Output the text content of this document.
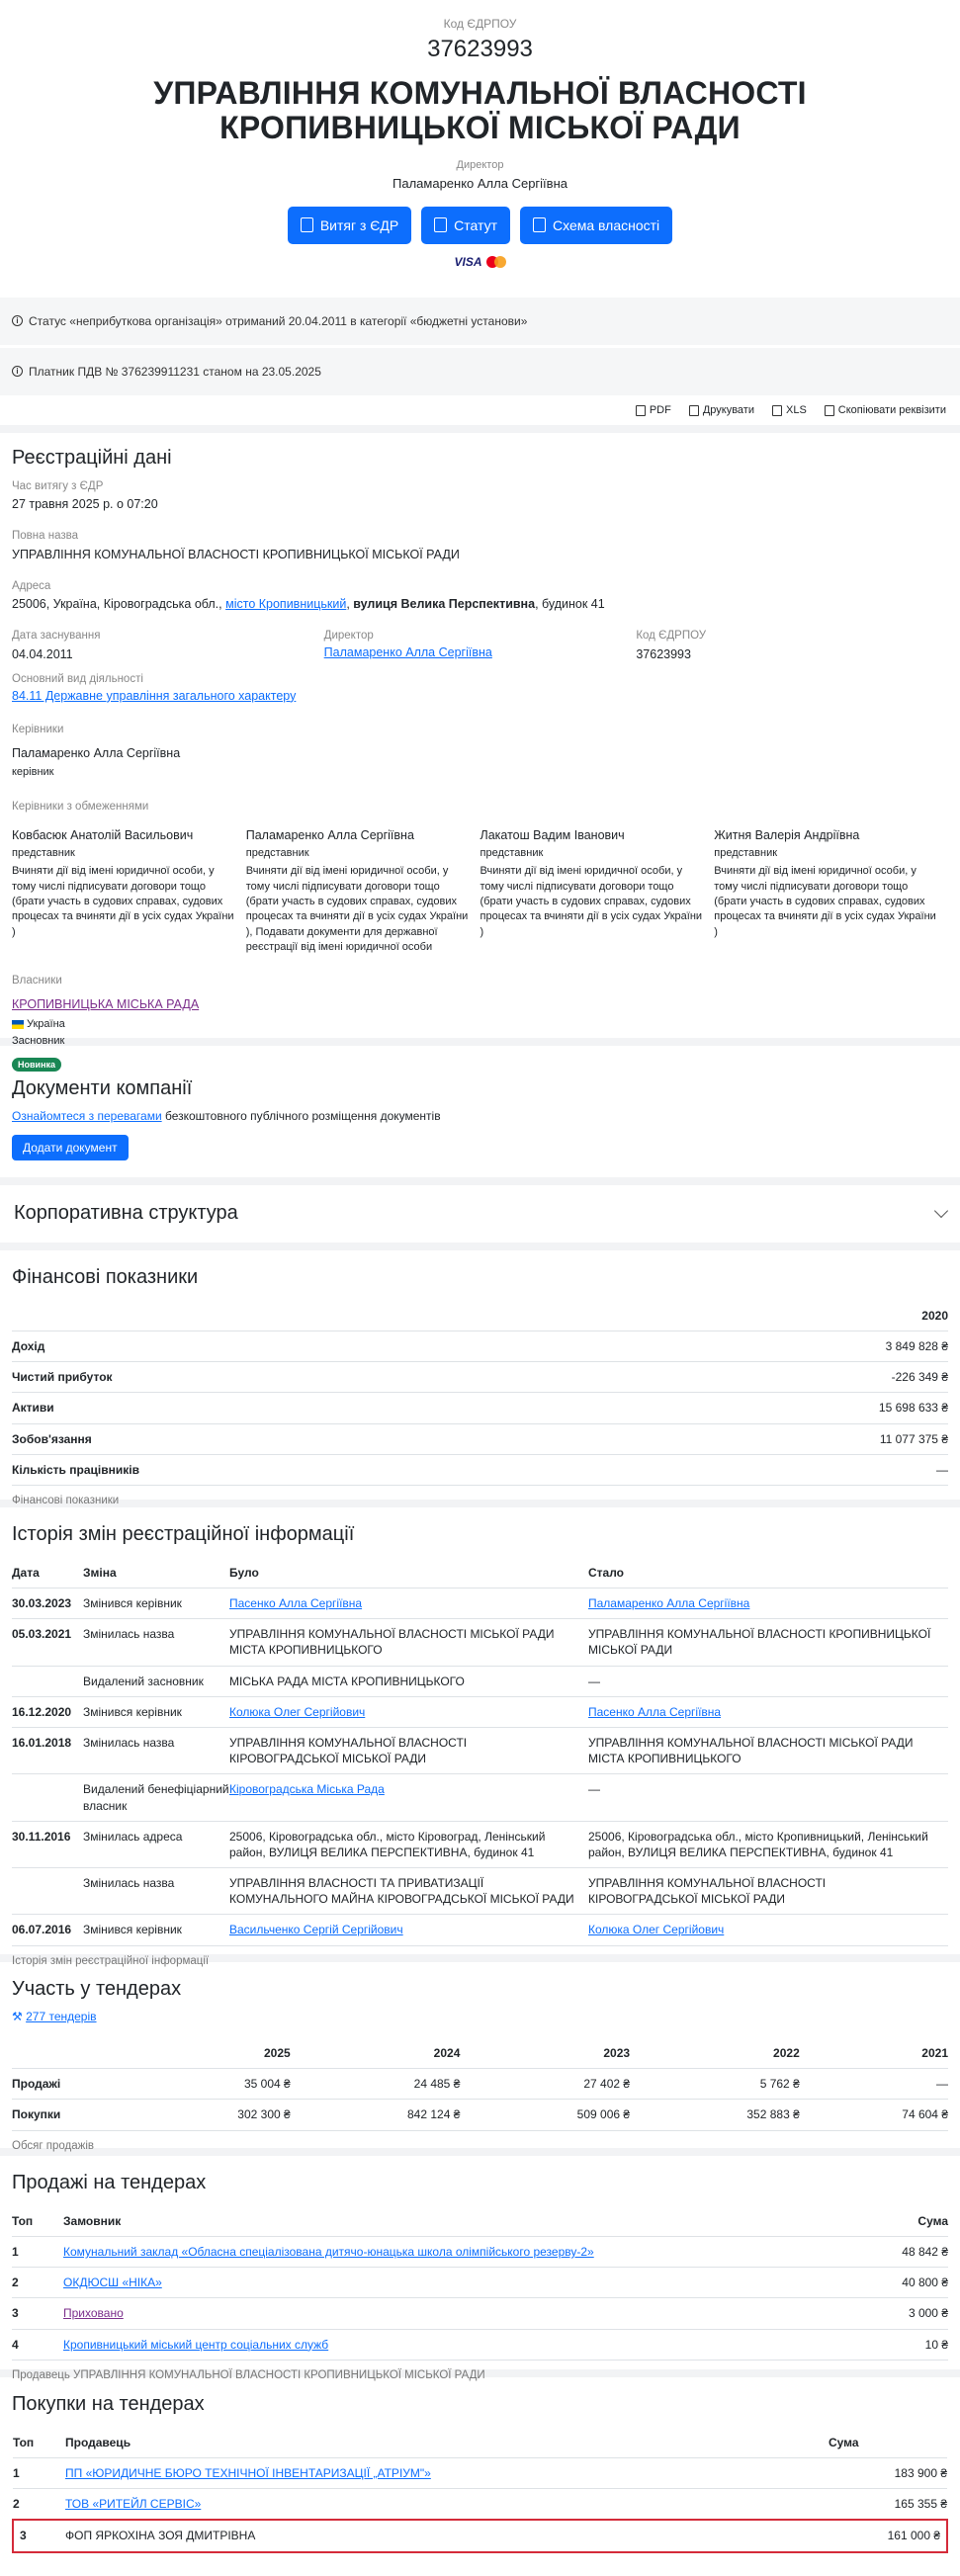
Код ЄДРПОУ
37623993
УПРАВЛІННЯ КОМУНАЛЬНОЇ ВЛАСНОСТІ КРОПИВНИЦЬКОЇ МІСЬКОЇ РАДИ
Директор
Паламаренко Алла Сергіївна
Витяг з ЄДР	Статут	Схема власності
VISA
i Статус «неприбуткова організація» отриманий 20.04.2011 в категорії «бюджетні установи»
i Платник ПДВ № 376239911231 станом на 23.05.2025
PDF	Друкувати	XLS	Скопіювати реквізити
Реєстраційні дані
Час витягу з ЄДР
27 травня 2025 р. о 07:20
Повна назва
УПРАВЛІННЯ КОМУНАЛЬНОЇ ВЛАСНОСТІ КРОПИВНИЦЬКОЇ МІСЬКОЇ РАДИ
Адреса
25006, Україна, Кіровоградська обл., місто Кропивницький, вулиця Велика Перспективна, будинок 41
Дата заснування
04.04.2011
Директор
Паламаренко Алла Сергіївна
Код ЄДРПОУ
37623993
Основний вид діяльності
84.11 Державне управління загального характеру
Керівники
Паламаренко Алла Сергіївна
керівник
Керівники з обмеженнями
Ковбасюк Анатолій Васильович
представник
Вчиняти дії від імені юридичної особи, у тому числі підписувати договори тощо (брати участь в судових справах, судових процесах та вчиняти дії в усіх судах України )
Паламаренко Алла Сергіївна
представник
Вчиняти дії від імені юридичної особи, у тому числі підписувати договори тощо (брати участь в судових справах, судових процесах та вчиняти дії в усіх судах України ), Подавати документи для державної реєстрації від імені юридичної особи
Лакатош Вадим Іванович
представник
Вчиняти дії від імені юридичної особи, у тому числі підписувати договори тощо (брати участь в судових справах, судових процесах та вчиняти дії в усіх судах України )
Житня Валерія Андріївна
представник
Вчиняти дії від імені юридичної особи, у тому числі підписувати договори тощо (брати участь в судових справах, судових процесах та вчиняти дії в усіх судах України )
Власники
КРОПИВНИЦЬКА МІСЬКА РАДА
Україна
Засновник
Новинка
Документи компанії
Ознайомтеся з перевагами безкоштовного публічного розміщення документів
Додати документ
Корпоративна структура
Фінансові показники
	2020
Дохід	3 849 828 ₴
Чистий прибуток	-226 349 ₴
Активи	15 698 633 ₴
Зобов'язання	11 077 375 ₴
Кількість працівників	—
Фінансові показники
Історія змін реєстраційної інформації
Дата	Зміна	Було	Стало
30.03.2023	Змінився керівник	Пасенко Алла Сергіївна	Паламаренко Алла Сергіївна
05.03.2021	Змінилась назва	УПРАВЛІННЯ КОМУНАЛЬНОЇ ВЛАСНОСТІ МІСЬКОЇ РАДИ МІСТА КРОПИВНИЦЬКОГО	УПРАВЛІННЯ КОМУНАЛЬНОЇ ВЛАСНОСТІ КРОПИВНИЦЬКОЇ МІСЬКОЇ РАДИ
	Видалений засновник	МІСЬКА РАДА МІСТА КРОПИВНИЦЬКОГО	—
16.12.2020	Змінився керівник	Колюка Олег Сергійович	Пасенко Алла Сергіївна
16.01.2018	Змінилась назва	УПРАВЛІННЯ КОМУНАЛЬНОЇ ВЛАСНОСТІ КІРОВОГРАДСЬКОЇ МІСЬКОЇ РАДИ	УПРАВЛІННЯ КОМУНАЛЬНОЇ ВЛАСНОСТІ МІСЬКОЇ РАДИ МІСТА КРОПИВНИЦЬКОГО
	Видалений бенефіціарний власник	Кіровоградська Міська Рада	—
30.11.2016	Змінилась адреса	25006, Кіровоградська обл., місто Кіровоград, Ленінський район, ВУЛИЦЯ ВЕЛИКА ПЕРСПЕКТИВНА, будинок 41	25006, Кіровоградська обл., місто Кропивницький, Ленінський район, ВУЛИЦЯ ВЕЛИКА ПЕРСПЕКТИВНА, будинок 41
	Змінилась назва	УПРАВЛІННЯ ВЛАСНОСТІ ТА ПРИВАТИЗАЦІЇ КОМУНАЛЬНОГО МАЙНА КІРОВОГРАДСЬКОЇ МІСЬКОЇ РАДИ	УПРАВЛІННЯ КОМУНАЛЬНОЇ ВЛАСНОСТІ КІРОВОГРАДСЬКОЇ МІСЬКОЇ РАДИ
06.07.2016	Змінився керівник	Васильченко Сергій Сергійович	Колюка Олег Сергійович
Історія змін реєстраційної інформації
Участь у тендерах
⚒ 277 тендерів
	2025	2024	2023	2022	2021
Продажі	35 004 ₴	24 485 ₴	27 402 ₴	5 762 ₴	—
Покупки	302 300 ₴	842 124 ₴	509 006 ₴	352 883 ₴	74 604 ₴
Обсяг продажів
Продажі на тендерах
Топ	Замовник	Сума
1	Комунальний заклад «Обласна спеціалізована дитячо-юнацька школа олімпійського резерву-2»	48 842 ₴
2	ОКДЮСШ «НІКА»	40 800 ₴
3	Приховано	3 000 ₴
4	Кропивницький міський центр соціальних служб	10 ₴
Продавець УПРАВЛІННЯ КОМУНАЛЬНОЇ ВЛАСНОСТІ КРОПИВНИЦЬКОЇ МІСЬКОЇ РАДИ
Покупки на тендерах
Топ	Продавець	Сума
1	ПП «ЮРИДИЧНЕ БЮРО ТЕХНІЧНОЇ ІНВЕНТАРИЗАЦІЇ „АТРІУМ"»	183 900 ₴
2	ТОВ «РИТЕЙЛ СЕРВІС»	165 355 ₴
3	ФОП ЯРКОХІНА ЗОЯ ДМИТРІВНА	161 000 ₴
